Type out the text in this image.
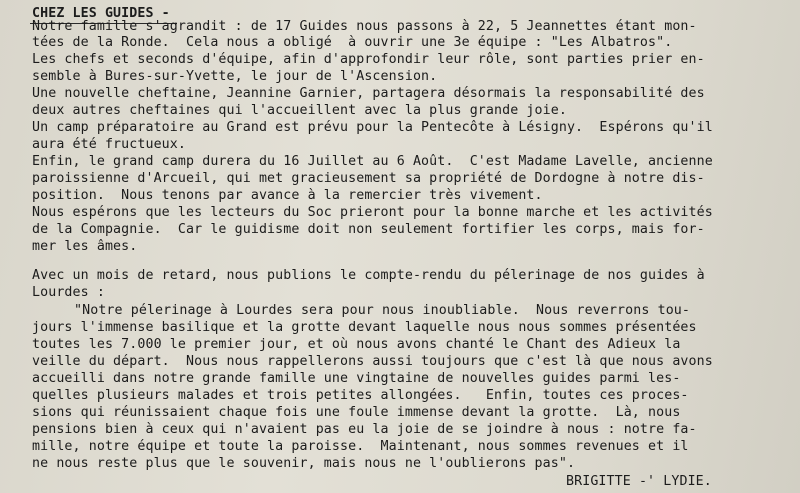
CHEZ LES GUIDES -
Notre famille s'agrandit : de 17 Guides nous passons à 22, 5 Jeannettes étant mon-
tées de la Ronde.  Cela nous a obligé  à ouvrir une 3e équipe : "Les Albatros".
Les chefs et seconds d'équipe, afin d'approfondir leur rôle, sont parties prier en-
semble à Bures-sur-Yvette, le jour de l'Ascension.
Une nouvelle cheftaine, Jeannine Garnier, partagera désormais la responsabilité des
deux autres cheftaines qui l'accueillent avec la plus grande joie.
Un camp préparatoire au Grand est prévu pour la Pentecôte à Lésigny.  Espérons qu'il
aura été fructueux.
Enfin, le grand camp durera du 16 Juillet au 6 Août.  C'est Madame Lavelle, ancienne
paroissienne d'Arcueil, qui met gracieusement sa propriété de Dordogne à notre dis-
position.  Nous tenons par avance à la remercier très vivement.
Nous espérons que les lecteurs du Soc prieront pour la bonne marche et les activités
de la Compagnie.  Car le guidisme doit non seulement fortifier les corps, mais for-
mer les âmes.
Avec un mois de retard, nous publions le compte-rendu du pélerinage de nos guides à
Lourdes :
"Notre pélerinage à Lourdes sera pour nous inoubliable.  Nous reverrons tou-
jours l'immense basilique et la grotte devant laquelle nous nous sommes présentées
toutes les 7.000 le premier jour, et où nous avons chanté le Chant des Adieux la
veille du départ.  Nous nous rappellerons aussi toujours que c'est là que nous avons
accueilli dans notre grande famille une vingtaine de nouvelles guides parmi les-
quelles plusieurs malades et trois petites allongées.   Enfin, toutes ces proces-
sions qui réunissaient chaque fois une foule immense devant la grotte.  Là, nous
pensions bien à ceux qui n'avaient pas eu la joie de se joindre à nous : notre fa-
mille, notre équipe et toute la paroisse.  Maintenant, nous sommes revenues et il
ne nous reste plus que le souvenir, mais nous ne l'oublierons pas".
BRIGITTE -' LYDIE.
